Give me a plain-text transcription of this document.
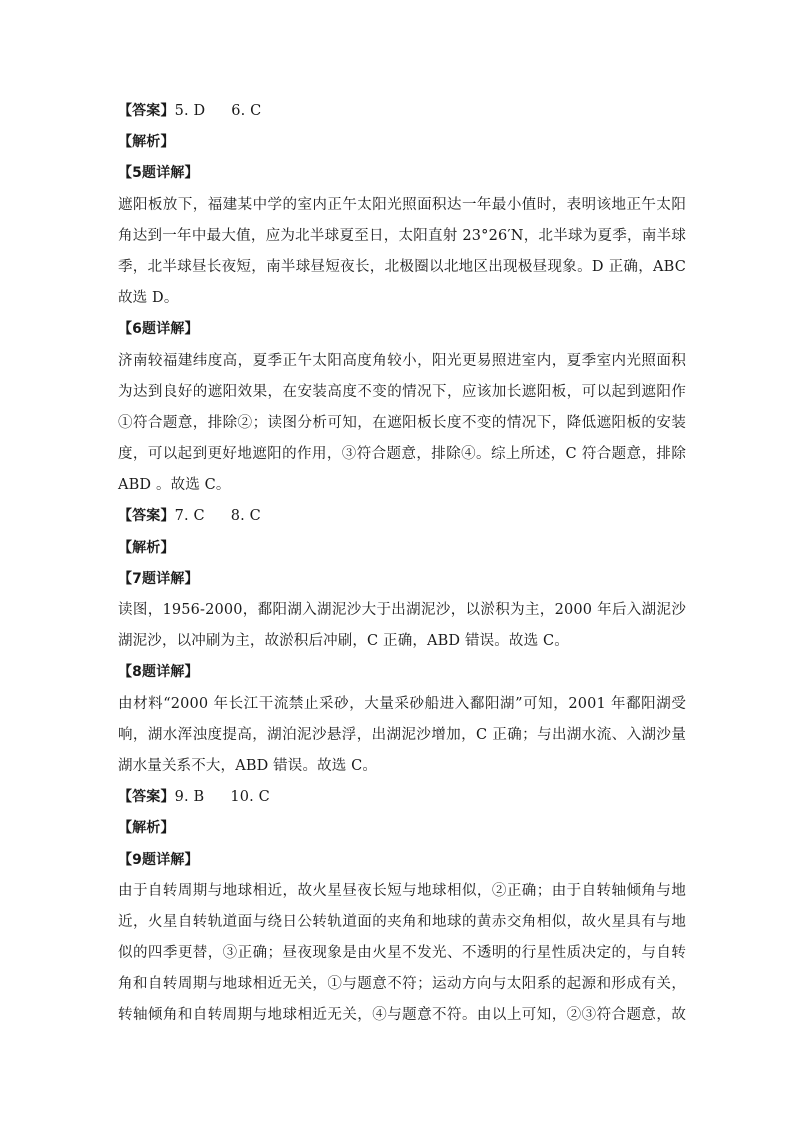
【答案】5. D 6. C
【解析】
【5题详解】
遮阳板放下，福建某中学的室内正午太阳光照面积达一年最小值时，表明该地正午太阳
角达到一年中最大值，应为北半球夏至日，太阳直射 23°26′N，北半球为夏季，南半球
季，北半球昼长夜短，南半球昼短夜长，北极圈以北地区出现极昼现象。D 正确，ABC
故选 D。
【6题详解】
济南较福建纬度高，夏季正午太阳高度角较小，阳光更易照进室内，夏季室内光照面积
为达到良好的遮阳效果，在安装高度不变的情况下，应该加长遮阳板，可以起到遮阳作
①符合题意，排除②；读图分析可知，在遮阳板长度不变的情况下，降低遮阳板的安装
度，可以起到更好地遮阳的作用，③符合题意，排除④。综上所述，C 符合题意，排除
ABD 。故选 C。
【答案】7. C 8. C
【解析】
【7题详解】
读图，1956-2000，鄱阳湖入湖泥沙大于出湖泥沙，以淤积为主，2000 年后入湖泥沙
湖泥沙，以冲刷为主，故淤积后冲刷，C 正确，ABD 错误。故选 C。
【8题详解】
由材料“2000 年长江干流禁止采砂，大量采砂船进入鄱阳湖”可知，2001 年鄱阳湖受
响，湖水浑浊度提高，湖泊泥沙悬浮，出湖泥沙增加，C 正确；与出湖水流、入湖沙量
湖水量关系不大，ABD 错误。故选 C。
【答案】9. B 10. C
【解析】
【9题详解】
由于自转周期与地球相近，故火星昼夜长短与地球相似，②正确；由于自转轴倾角与地
近，火星自转轨道面与绕日公转轨道面的夹角和地球的黄赤交角相似，故火星具有与地
似的四季更替，③正确；昼夜现象是由火星不发光、不透明的行星性质决定的，与自转
角和自转周期与地球相近无关，①与题意不符；运动方向与太阳系的起源和形成有关，
转轴倾角和自转周期与地球相近无关，④与题意不符。由以上可知，②③符合题意，故
